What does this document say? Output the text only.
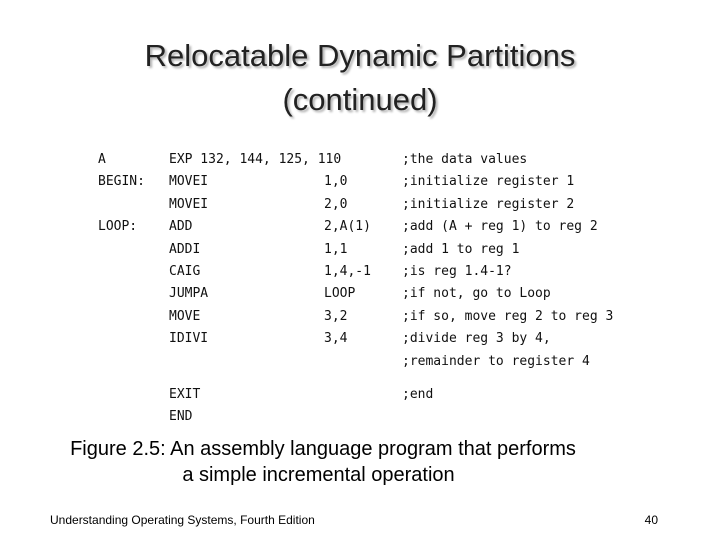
Relocatable Dynamic Partitions
(continued)
A	EXP 132, 144, 125, 110	;the data values
BEGIN: MOVEI	1,0	;initialize register 1
MOVEI	2,0	;initialize register 2
LOOP: ADD	2,A(1) ;add (A + reg 1) to reg 2
ADDI	1,1	;add 1 to reg 1
CAIG	1,4,-1 ;is reg 1.4-1?
JUMPA	LOOP	;if not, go to Loop
MOVE	3,2	;if so, move reg 2 to reg 3
IDIVI	3,4	;divide reg 3 by 4,
;remainder to register 4
EXIT	;end
END
Figure 2.5: An assembly language program that performs
a simple incremental operation
Understanding Operating Systems, Fourth Edition	40
